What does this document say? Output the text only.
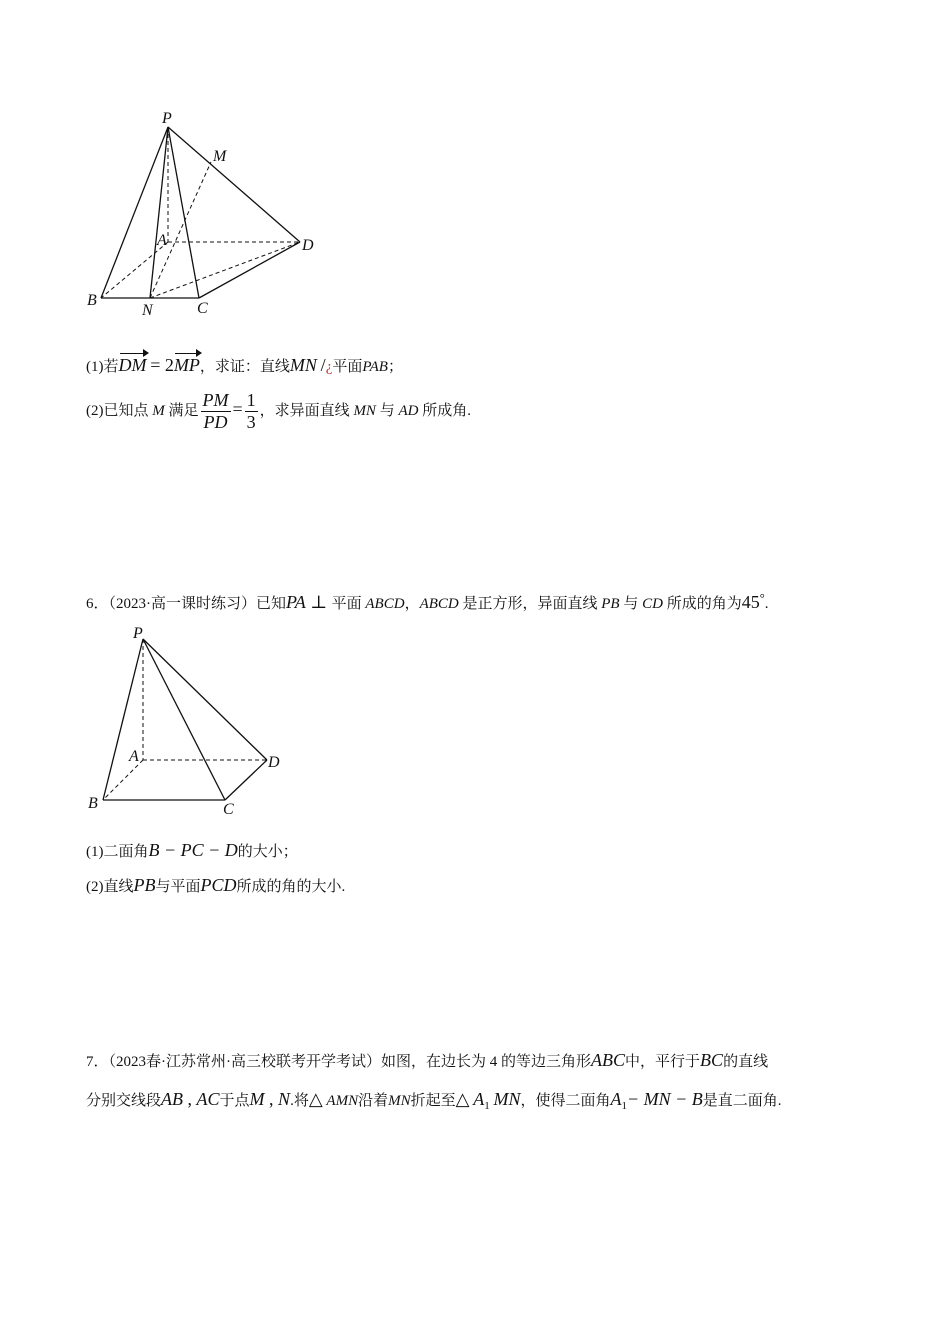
P
M
A	D
B
N	C
(1)若DM = 2MP，求证：直线MN /¿平面PAB；
(2)已知点 M 满足 $\frac{PM}{PD} = \frac{1}{3}$ ，求异面直线 MN 与 AD 所成角.
6．（2023·高一课时练习）已知PA ⊥ 平面 ABCD，ABCD 是正方形，异面直线 PB 与 CD 所成的角为45°.
P
A	D
B	C
(1)二面角B − PC − D的大小；
(2)直线PB与平面PCD所成的角的大小.
7．（2023春·江苏常州·高三校联考开学考试）如图，在边长为 4 的等边三角形ABC中，平行于BC的直线
分别交线段AB , AC于点M , N.将△ AMN沿着MN折起至△ $A_1$ MN，使得二面角$A_1-$ MN − B是直二面角.
